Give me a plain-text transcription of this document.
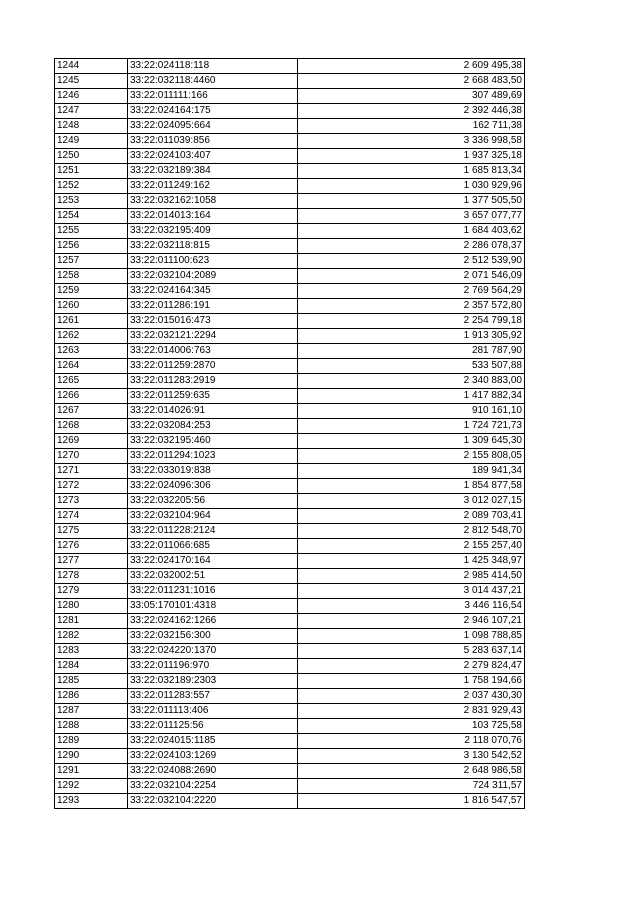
1244	33:22:024118:118	2 609 495,38
1245	33:22:032118:4460	2 668 483,50
1246	33:22:011111:166	307 489,69
1247	33:22:024164:175	2 392 446,38
1248	33:22:024095:664	162 711,38
1249	33:22:011039:856	3 336 998,58
1250	33:22:024103:407	1 937 325,18
1251	33:22:032189:384	1 685 813,34
1252	33:22:011249:162	1 030 929,96
1253	33:22:032162:1058	1 377 505,50
1254	33:22:014013:164	3 657 077,77
1255	33:22:032195:409	1 684 403,62
1256	33:22:032118:815	2 286 078,37
1257	33:22:011100:623	2 512 539,90
1258	33:22:032104:2089	2 071 546,09
1259	33:22:024164:345	2 769 564,29
1260	33:22:011286:191	2 357 572,80
1261	33:22:015016:473	2 254 799,18
1262	33:22:032121:2294	1 913 305,92
1263	33:22:014006:763	281 787,90
1264	33:22:011259:2870	533 507,88
1265	33:22:011283:2919	2 340 883,00
1266	33:22:011259:635	1 417 882,34
1267	33:22:014026:91	910 161,10
1268	33:22:032084:253	1 724 721,73
1269	33:22:032195:460	1 309 645,30
1270	33:22:011294:1023	2 155 808,05
1271	33:22:033019:838	189 941,34
1272	33:22:024096:306	1 854 877,58
1273	33:22:032205:56	3 012 027,15
1274	33:22:032104:964	2 089 703,41
1275	33:22:011228:2124	2 812 548,70
1276	33:22:011066:685	2 155 257,40
1277	33:22:024170:164	1 425 348,97
1278	33:22:032002:51	2 985 414,50
1279	33:22:011231:1016	3 014 437,21
1280	33:05:170101:4318	3 446 116,54
1281	33:22:024162:1266	2 946 107,21
1282	33:22:032156:300	1 098 788,85
1283	33:22:024220:1370	5 283 637,14
1284	33:22:011196:970	2 279 824,47
1285	33:22:032189:2303	1 758 194,66
1286	33:22:011283:557	2 037 430,30
1287	33:22:011113:406	2 831 929,43
1288	33:22:011125:56	103 725,58
1289	33:22:024015:1185	2 118 070,76
1290	33:22:024103:1269	3 130 542,52
1291	33:22:024088:2690	2 648 986,58
1292	33:22:032104:2254	724 311,57
1293	33:22:032104:2220	1 816 547,57
